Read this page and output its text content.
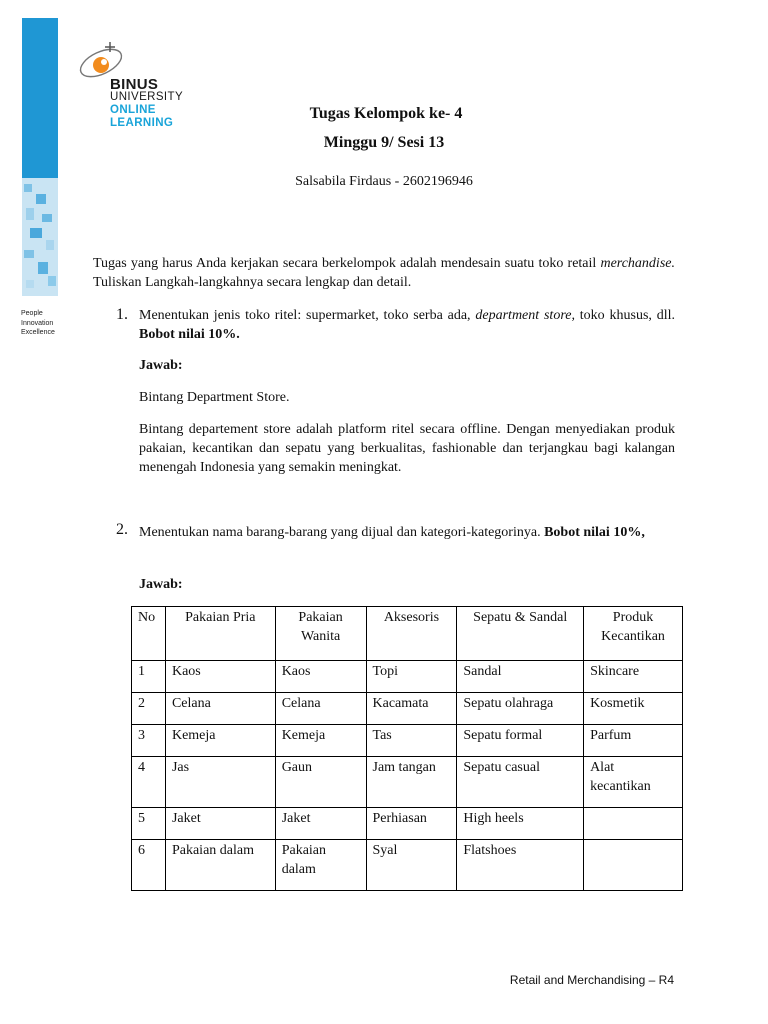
BINUS
UNIVERSITY
ONLINE
LEARNING
People
Innovation
Excellence
Tugas Kelompok ke- 4
Minggu 9/ Sesi 13
Salsabila Firdaus - 2602196946
Tugas yang harus Anda kerjakan secara berkelompok adalah mendesain suatu toko retail merchandise. Tuliskan Langkah-langkahnya secara lengkap dan detail.
1. Menentukan jenis toko ritel: supermarket, toko serba ada, department store, toko khusus, dll. Bobot nilai 10%.
Jawab:
Bintang Department Store.
Bintang departement store adalah platform ritel secara offline. Dengan menyediakan produk pakaian, kecantikan dan sepatu yang berkualitas, fashionable dan terjangkau bagi kalangan menengah Indonesia yang semakin meningkat.
2. Menentukan nama barang-barang yang dijual dan kategori-kategorinya. Bobot nilai 10%,
Jawab:
No	Pakaian Pria	Pakaian Wanita	Aksesoris	Sepatu & Sandal	Produk Kecantikan
1	Kaos	Kaos	Topi	Sandal	Skincare
2	Celana	Celana	Kacamata	Sepatu olahraga	Kosmetik
3	Kemeja	Kemeja	Tas	Sepatu formal	Parfum
4	Jas	Gaun	Jam tangan	Sepatu casual	Alat kecantikan
5	Jaket	Jaket	Perhiasan	High heels	
6	Pakaian dalam	Pakaian dalam	Syal	Flatshoes	
Retail and Merchandising – R4
